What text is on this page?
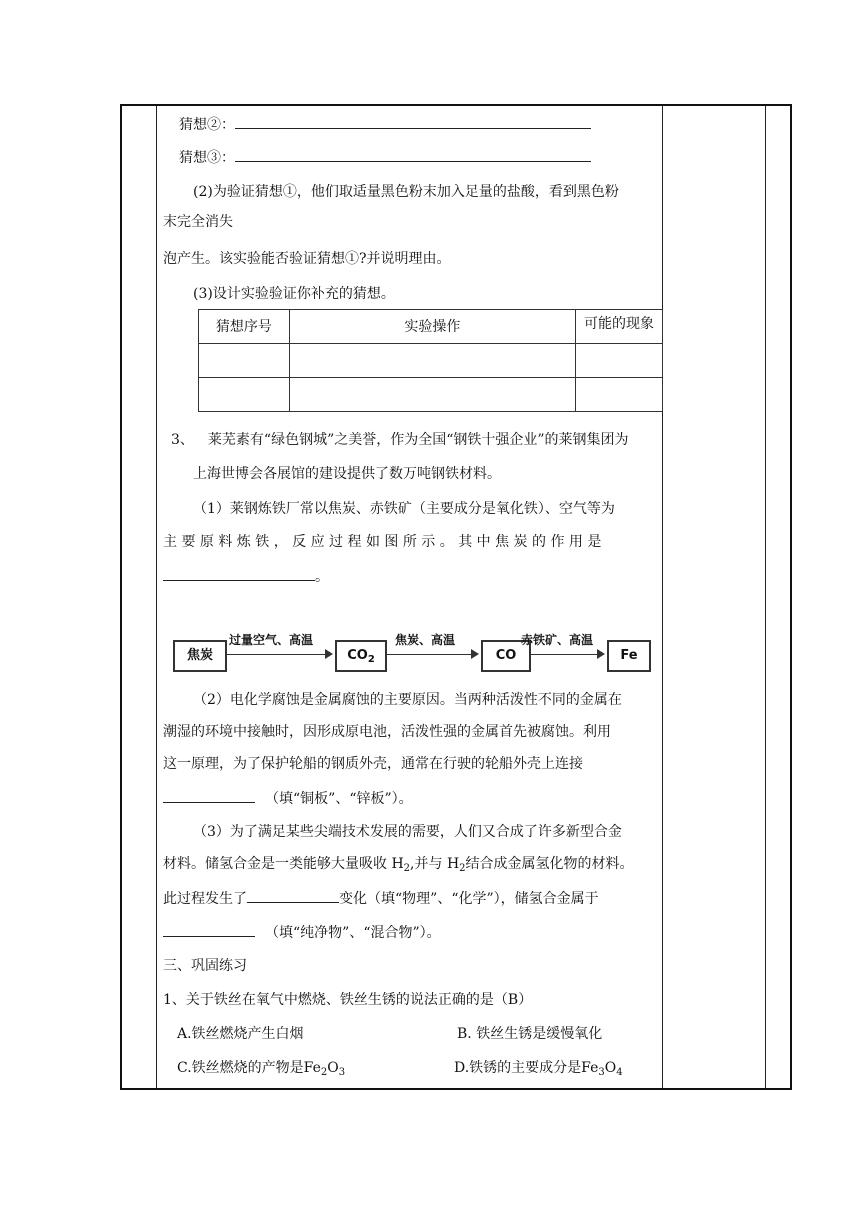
猜想②：
猜想③：
(2)为验证猜想①，他们取适量黑色粉末加入足量的盐酸，看到黑色粉
末完全消失
泡产生。该实验能否验证猜想①?并说明理由。
(3)设计实验验证你补充的猜想。
猜想序号	实验操作	可能的现象

3、 莱芜素有“绿色钢城”之美誉，作为全国“钢铁十强企业”的莱钢集团为
上海世博会各展馆的建设提供了数万吨钢铁材料。
（1）莱钢炼铁厂常以焦炭、赤铁矿（主要成分是氧化铁）、空气等为
主 要 原 料 炼 铁 ， 反 应 过 程 如 图 所 示 。 其 中 焦 炭 的 作 用 是
。
焦炭
过量空气、高温
$CO_2$
焦炭、高温
CO
赤铁矿、高温
Fe
（2）电化学腐蚀是金属腐蚀的主要原因。当两种活泼性不同的金属在
潮湿的环境中接触时，因形成原电池，活泼性强的金属首先被腐蚀。利用
这一原理，为了保护轮船的钢质外壳，通常在行驶的轮船外壳上连接
（填“铜板”、“锌板”）。
（3）为了满足某些尖端技术发展的需要，人们又合成了许多新型合金
材料。储氢合金是一类能够大量吸收 $H_2$,并与 $H_2$结合成金属氢化物的材料。
此过程发生了	变化（填“物理”、“化学”），储氢合金属于
（填“纯净物”、“混合物”）。
三、巩固练习
1、关于铁丝在氧气中燃烧、铁丝生锈的说法正确的是（B）
A.铁丝燃烧产生白烟	B. 铁丝生锈是缓慢氧化
C.铁丝燃烧的产物是$Fe_2O_3$	D.铁锈的主要成分是$Fe_3O_4$
